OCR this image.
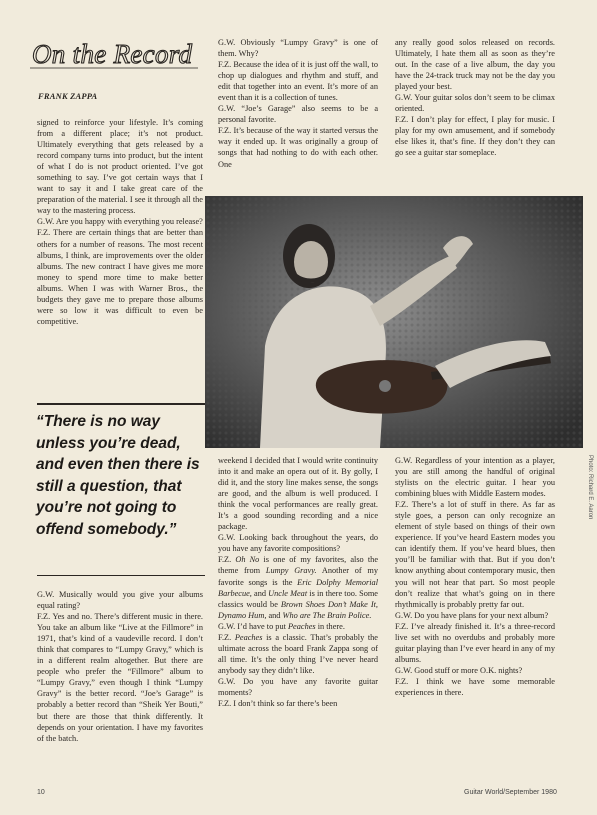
On the Record
FRANK ZAPPA

signed to reinforce your lifestyle. It’s coming from a different place; it’s not product. Ultimately everything that gets released by a record company turns into product, but the intent of what I do is not product oriented. I’ve got something to say. I’ve got certain ways that I want to say it and I take great care of the preparation of the material. I see it through all the way to the mastering process.

G.W. Are you happy with everything you release?

F.Z. There are certain things that are better than others for a number of reasons. The most recent albums, I think, are improvements over the older albums. The new contract I have gives me more money to spend more time to make better albums. When I was with Warner Bros., the budgets they gave me to prepare those albums were so low it was difficult to even be competitive.

“There is no way unless you’re dead, and even then there is still a question, that you’re not going to offend somebody.”

G.W. Musically would you give your albums equal rating?

F.Z. Yes and no. There’s different music in there. You take an album like “Live at the Fillmore” in 1971, that’s kind of a vaudeville record. I don’t think that compares to “Lumpy Gravy,” which is in a different realm altogether. But there are people who prefer the “Fillmore” album to “Lumpy Gravy,” even though I think “Lumpy Gravy” is the better record. “Joe’s Garage” is probably a better record than “Sheik Yer Bouti,” but there are those that think differently. It depends on your orientation. I have my favorites of the batch.

G.W. Obviously “Lumpy Gravy” is one of them. Why?

F.Z. Because the idea of it is just off the wall, to chop up dialogues and rhythm and stuff, and edit that together into an event. It’s more of an event than it is a collection of tunes.

G.W. “Joe’s Garage” also seems to be a personal favorite.

F.Z. It’s because of the way it started versus the way it ended up. It was originally a group of songs that had nothing to do with each other. One

any really good solos released on records. Ultimately, I hate them all as soon as they’re out. In the case of a live album, the day you have the 24-track truck may not be the day you played your best.

G.W. Your guitar solos don’t seem to be climax oriented.

F.Z. I don’t play for effect, I play for music. I play for my own amusement, and if somebody else likes it, that’s fine. If they don’t they can go see a guitar star someplace.

Photo: Richard E. Aaron

weekend I decided that I would write continuity into it and make an opera out of it. By golly, I did it, and the story line makes sense, the songs are good, and the album is well produced. I think the vocal performances are really great. It’s a good sounding recording and a nice package.

G.W. Looking back throughout the years, do you have any favorite compositions?

F.Z. Oh No is one of my favorites, also the theme from Lumpy Gravy. Another of my favorite songs is the Eric Dolphy Memorial Barbecue, and Uncle Meat is in there too. Some classics would be Brown Shoes Don’t Make It, Dynamo Hum, and Who are The Brain Police.

G.W. I’d have to put Peaches in there.

F.Z. Peaches is a classic. That’s probably the ultimate across the board Frank Zappa song of all time. It’s the only thing I’ve never heard anybody say they didn’t like.

G.W. Do you have any favorite guitar moments?

F.Z. I don’t think so far there’s been

G.W. Regardless of your intention as a player, you are still among the handful of original stylists on the electric guitar. I hear you combining blues with Middle Eastern modes.

F.Z. There’s a lot of stuff in there. As far as style goes, a person can only recognize an element of style based on things of their own experience. If you’ve heard Eastern modes you can identify them. If you’ve heard blues, then you’ll be familiar with that. But if you don’t know anything about contemporary music, then you will not hear that part. So most people don’t realize that what’s going on in there rhythmically is probably pretty far out.

G.W. Do you have plans for your next album?

F.Z. I’ve already finished it. It’s a three-record live set with no overdubs and probably more guitar playing than I’ve ever heard in any of my albums.

G.W. Good stuff or more O.K. nights?

F.Z. I think we have some memorable experiences in there.

10	Guitar World/September 1980
